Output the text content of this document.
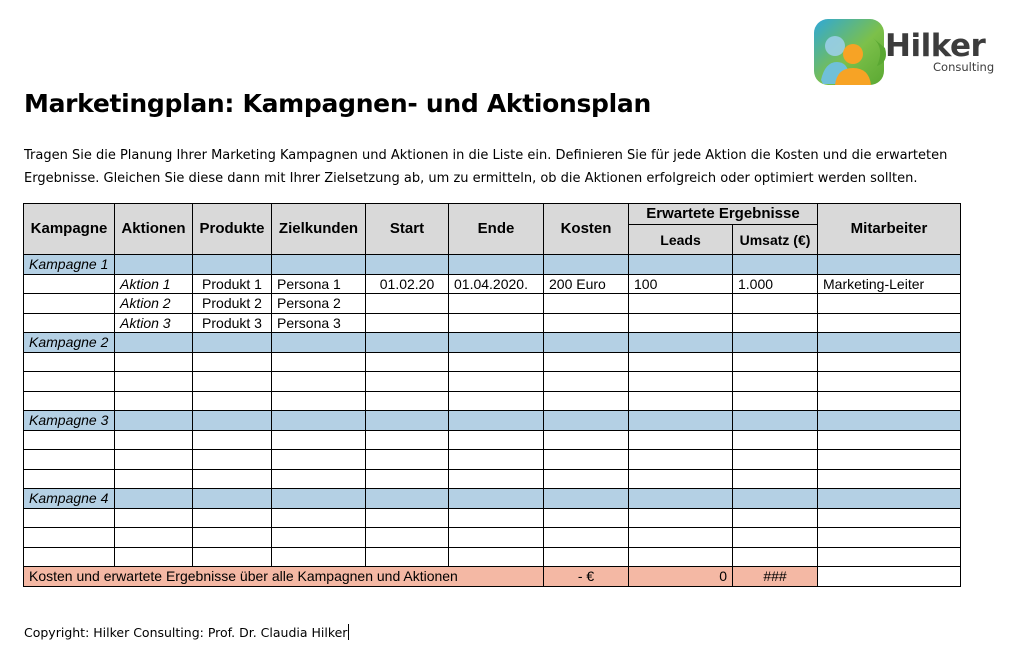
Hilker
Consulting
Marketingplan: Kampagnen- und Aktionsplan

Tragen Sie die Planung Ihrer Marketing Kampagnen und Aktionen in die Liste ein. Definieren Sie für jede Aktion die Kosten und die erwarteten
Ergebnisse. Gleichen Sie diese dann mit Ihrer Zielsetzung ab, um zu ermitteln, ob die Aktionen erfolgreich oder optimiert werden sollten.

Kampagne	Aktionen	Produkte	Zielkunden	Start	Ende	Kosten	Erwartete Ergebnisse		Mitarbeiter
							Leads	Umsatz (€)	
Kampagne 1									
	Aktion 1	Produkt 1	Persona 1	01.02.20	01.04.2020.	200 Euro	100	1.000	Marketing-Leiter
	Aktion 2	Produkt 2	Persona 2						
	Aktion 3	Produkt 3	Persona 3						
Kampagne 2									

Kampagne 3									

Kampagne 4									

Kosten und erwartete Ergebnisse über alle Kampagnen und Aktionen						- €	0	###	

Copyright: Hilker Consulting: Prof. Dr. Claudia Hilker
